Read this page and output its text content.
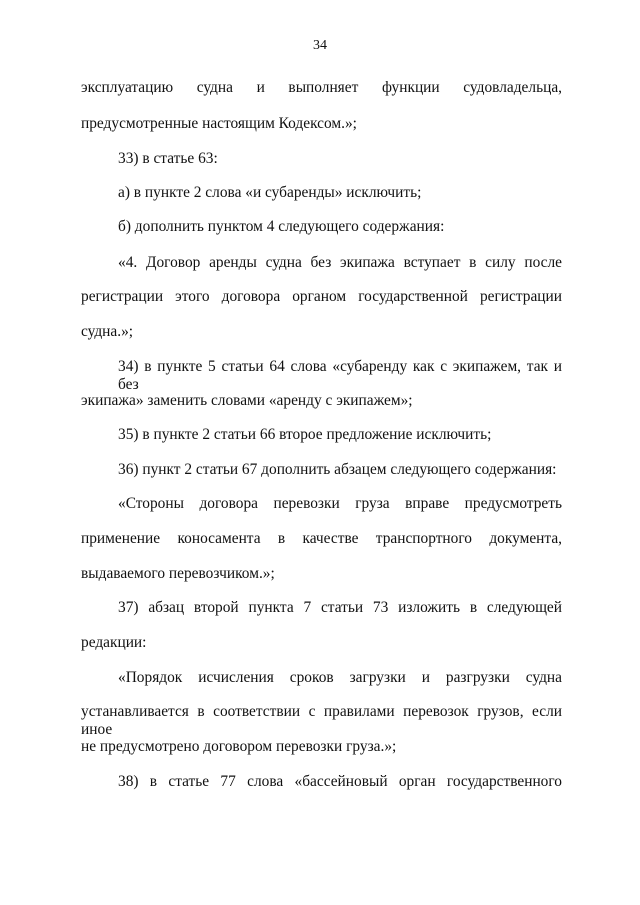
34
эксплуатацию судна и выполняет функции судовладельца,
предусмотренные настоящим Кодексом.»;
33) в статье 63:
а) в пункте 2 слова «и субаренды» исключить;
б) дополнить пунктом 4 следующего содержания:
«4. Договор аренды судна без экипажа вступает в силу после
регистрации этого договора органом государственной регистрации
судна.»;
34) в пункте 5 статьи 64 слова «субаренду как с экипажем, так и без
экипажа» заменить словами «аренду с экипажем»;
35) в пункте 2 статьи 66 второе предложение исключить;
36) пункт 2 статьи 67 дополнить абзацем следующего содержания:
«Стороны договора перевозки груза вправе предусмотреть
применение коносамента в качестве транспортного документа,
выдаваемого перевозчиком.»;
37) абзац второй пункта 7 статьи 73 изложить в следующей
редакции:
«Порядок исчисления сроков загрузки и разгрузки судна
устанавливается в соответствии с правилами перевозок грузов, если иное
не предусмотрено договором перевозки груза.»;
38) в статье 77 слова «бассейновый орган государственного
